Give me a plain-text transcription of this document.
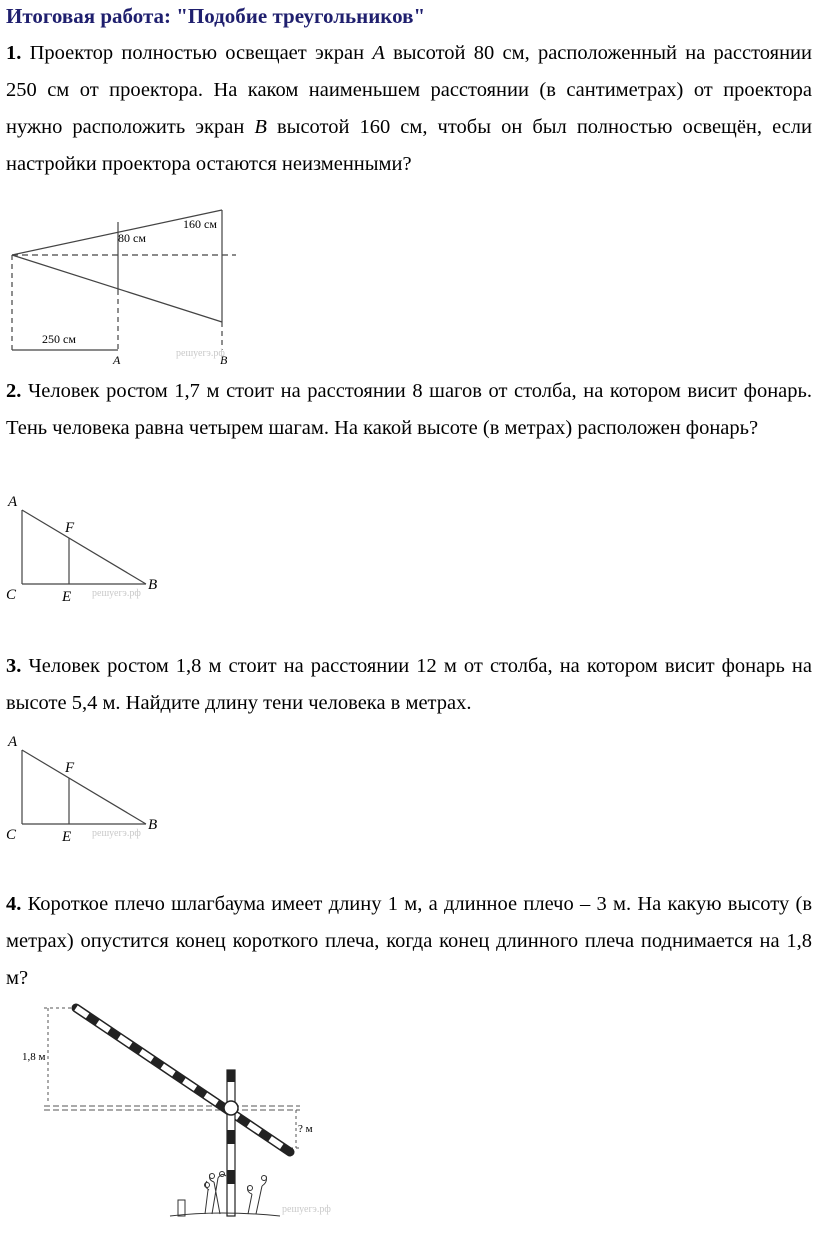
Итоговая работа: "Подобие треугольников"
1. Проектор полностью освещает экран A высотой 80 см, расположенный на расстоянии 250 см от проектора. На каком наименьшем расстоянии (в сантиметрах) от проектора нужно расположить экран B высотой 160 см, чтобы он был полностью освещён, если настройки проектора остаются неизменными?
80 см
160 см
250 см
A	B
решуегэ.рф
2. Человек ростом 1,7 м стоит на расстоянии 8 шагов от столба, на котором висит фонарь. Тень человека равна четырем шагам. На какой высоте (в метрах) расположен фонарь?
A
F
C	E
B
решуегэ.рф
3. Человек ростом 1,8 м стоит на расстоянии 12 м от столба, на котором висит фонарь на высоте 5,4 м. Найдите длину тени человека в метрах.
A
F
C	E
B
решуегэ.рф
4. Короткое плечо шлагбаума имеет длину 1 м, а длинное плечо – 3 м. На какую высоту (в метрах) опустится конец короткого плеча, когда конец длинного плеча поднимается на 1,8 м?
1,8 м
? м
решуегэ.рф
